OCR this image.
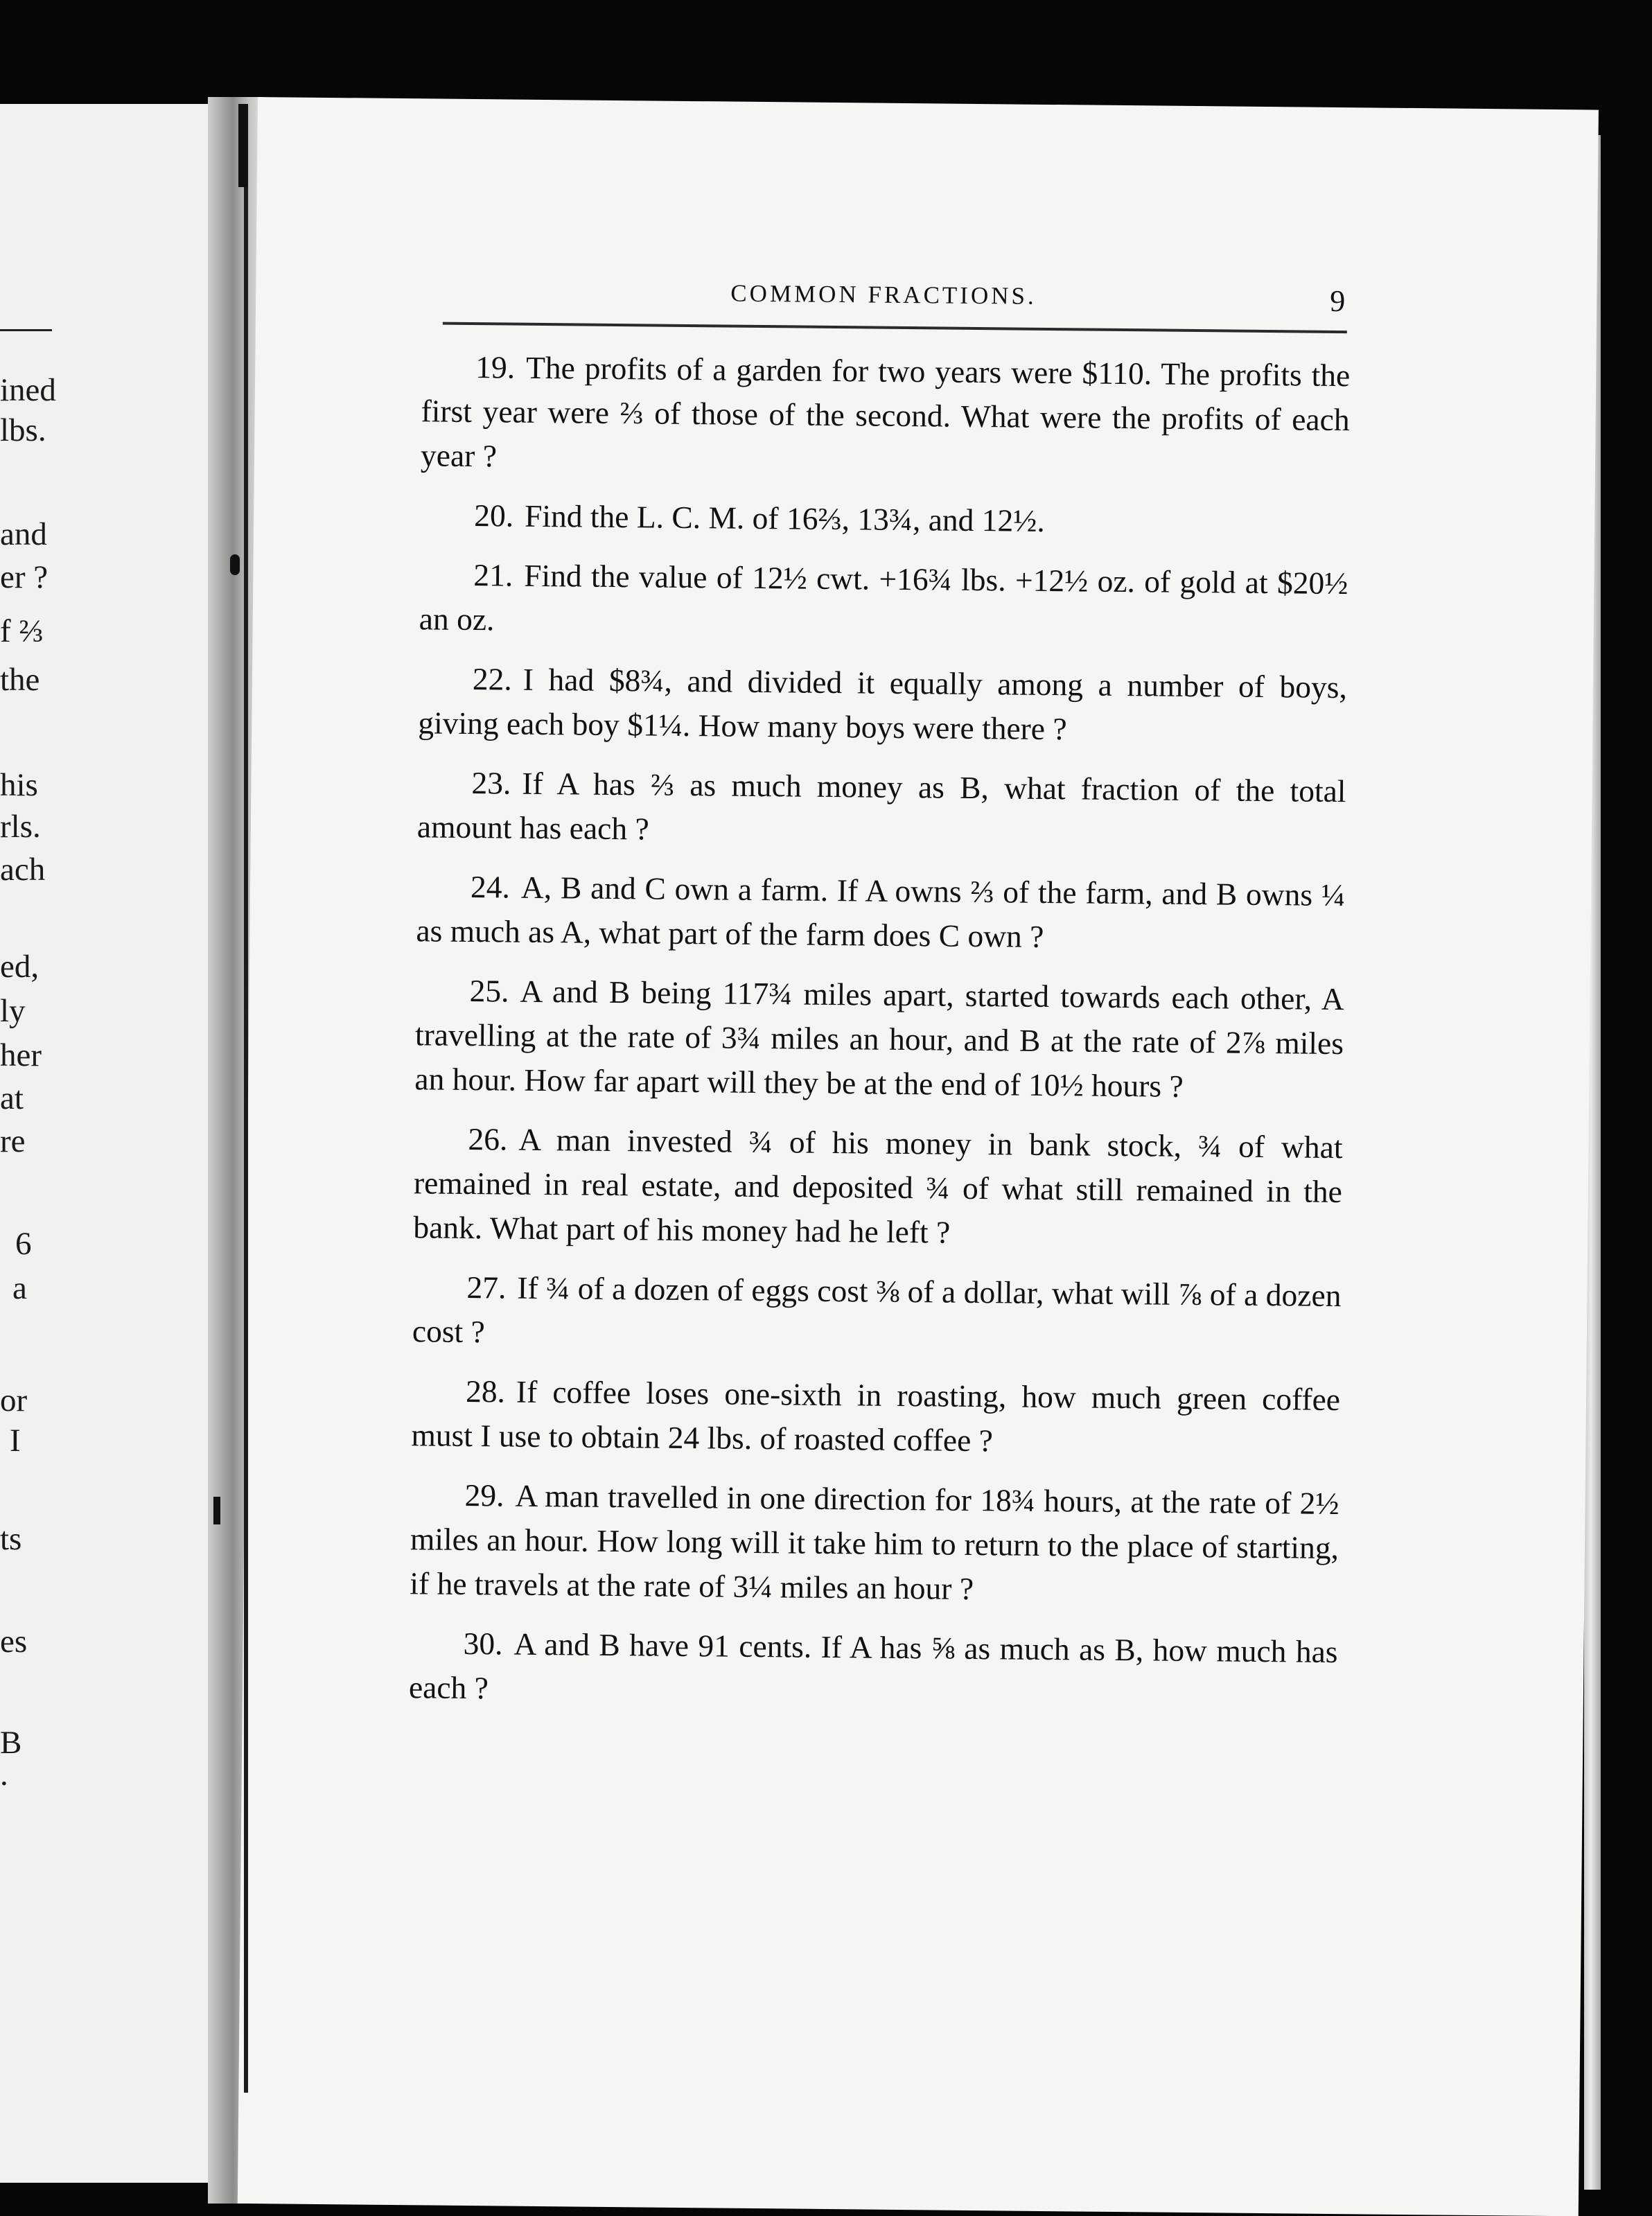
ined
lbs.
and
er ?
f ⅔
the
his
rls.
ach
ed,
ly
her
at
re
6
a
or
I
ts
es
B
.
COMMON FRACTIONS.	9

19. The profits of a garden for two years were $110. The profits the first year were ⅔ of those of the second. What were the profits of each year ?

20. Find the L. C. M. of 16⅔, 13¾, and 12½.

21. Find the value of 12½ cwt. +16¾ lbs. +12½ oz. of gold at $20½ an oz.

22. I had $8¾, and divided it equally among a number of boys, giving each boy $1¼. How many boys were there ?

23. If A has ⅔ as much money as B, what fraction of the total amount has each ?

24. A, B and C own a farm. If A owns ⅔ of the farm, and B owns ¼ as much as A, what part of the farm does C own ?

25. A and B being 117¾ miles apart, started towards each other, A travelling at the rate of 3¾ miles an hour, and B at the rate of 2⅞ miles an hour. How far apart will they be at the end of 10½ hours ?

26. A man invested ¾ of his money in bank stock, ¾ of what remained in real estate, and deposited ¾ of what still remained in the bank. What part of his money had he left ?

27. If ¾ of a dozen of eggs cost ⅜ of a dollar, what will ⅞ of a dozen cost ?

28. If coffee loses one-sixth in roasting, how much green coffee must I use to obtain 24 lbs. of roasted coffee ?

29. A man travelled in one direction for 18¾ hours, at the rate of 2½ miles an hour. How long will it take him to return to the place of starting, if he travels at the rate of 3¼ miles an hour ?

30. A and B have 91 cents. If A has ⅝ as much as B, how much has each ?
